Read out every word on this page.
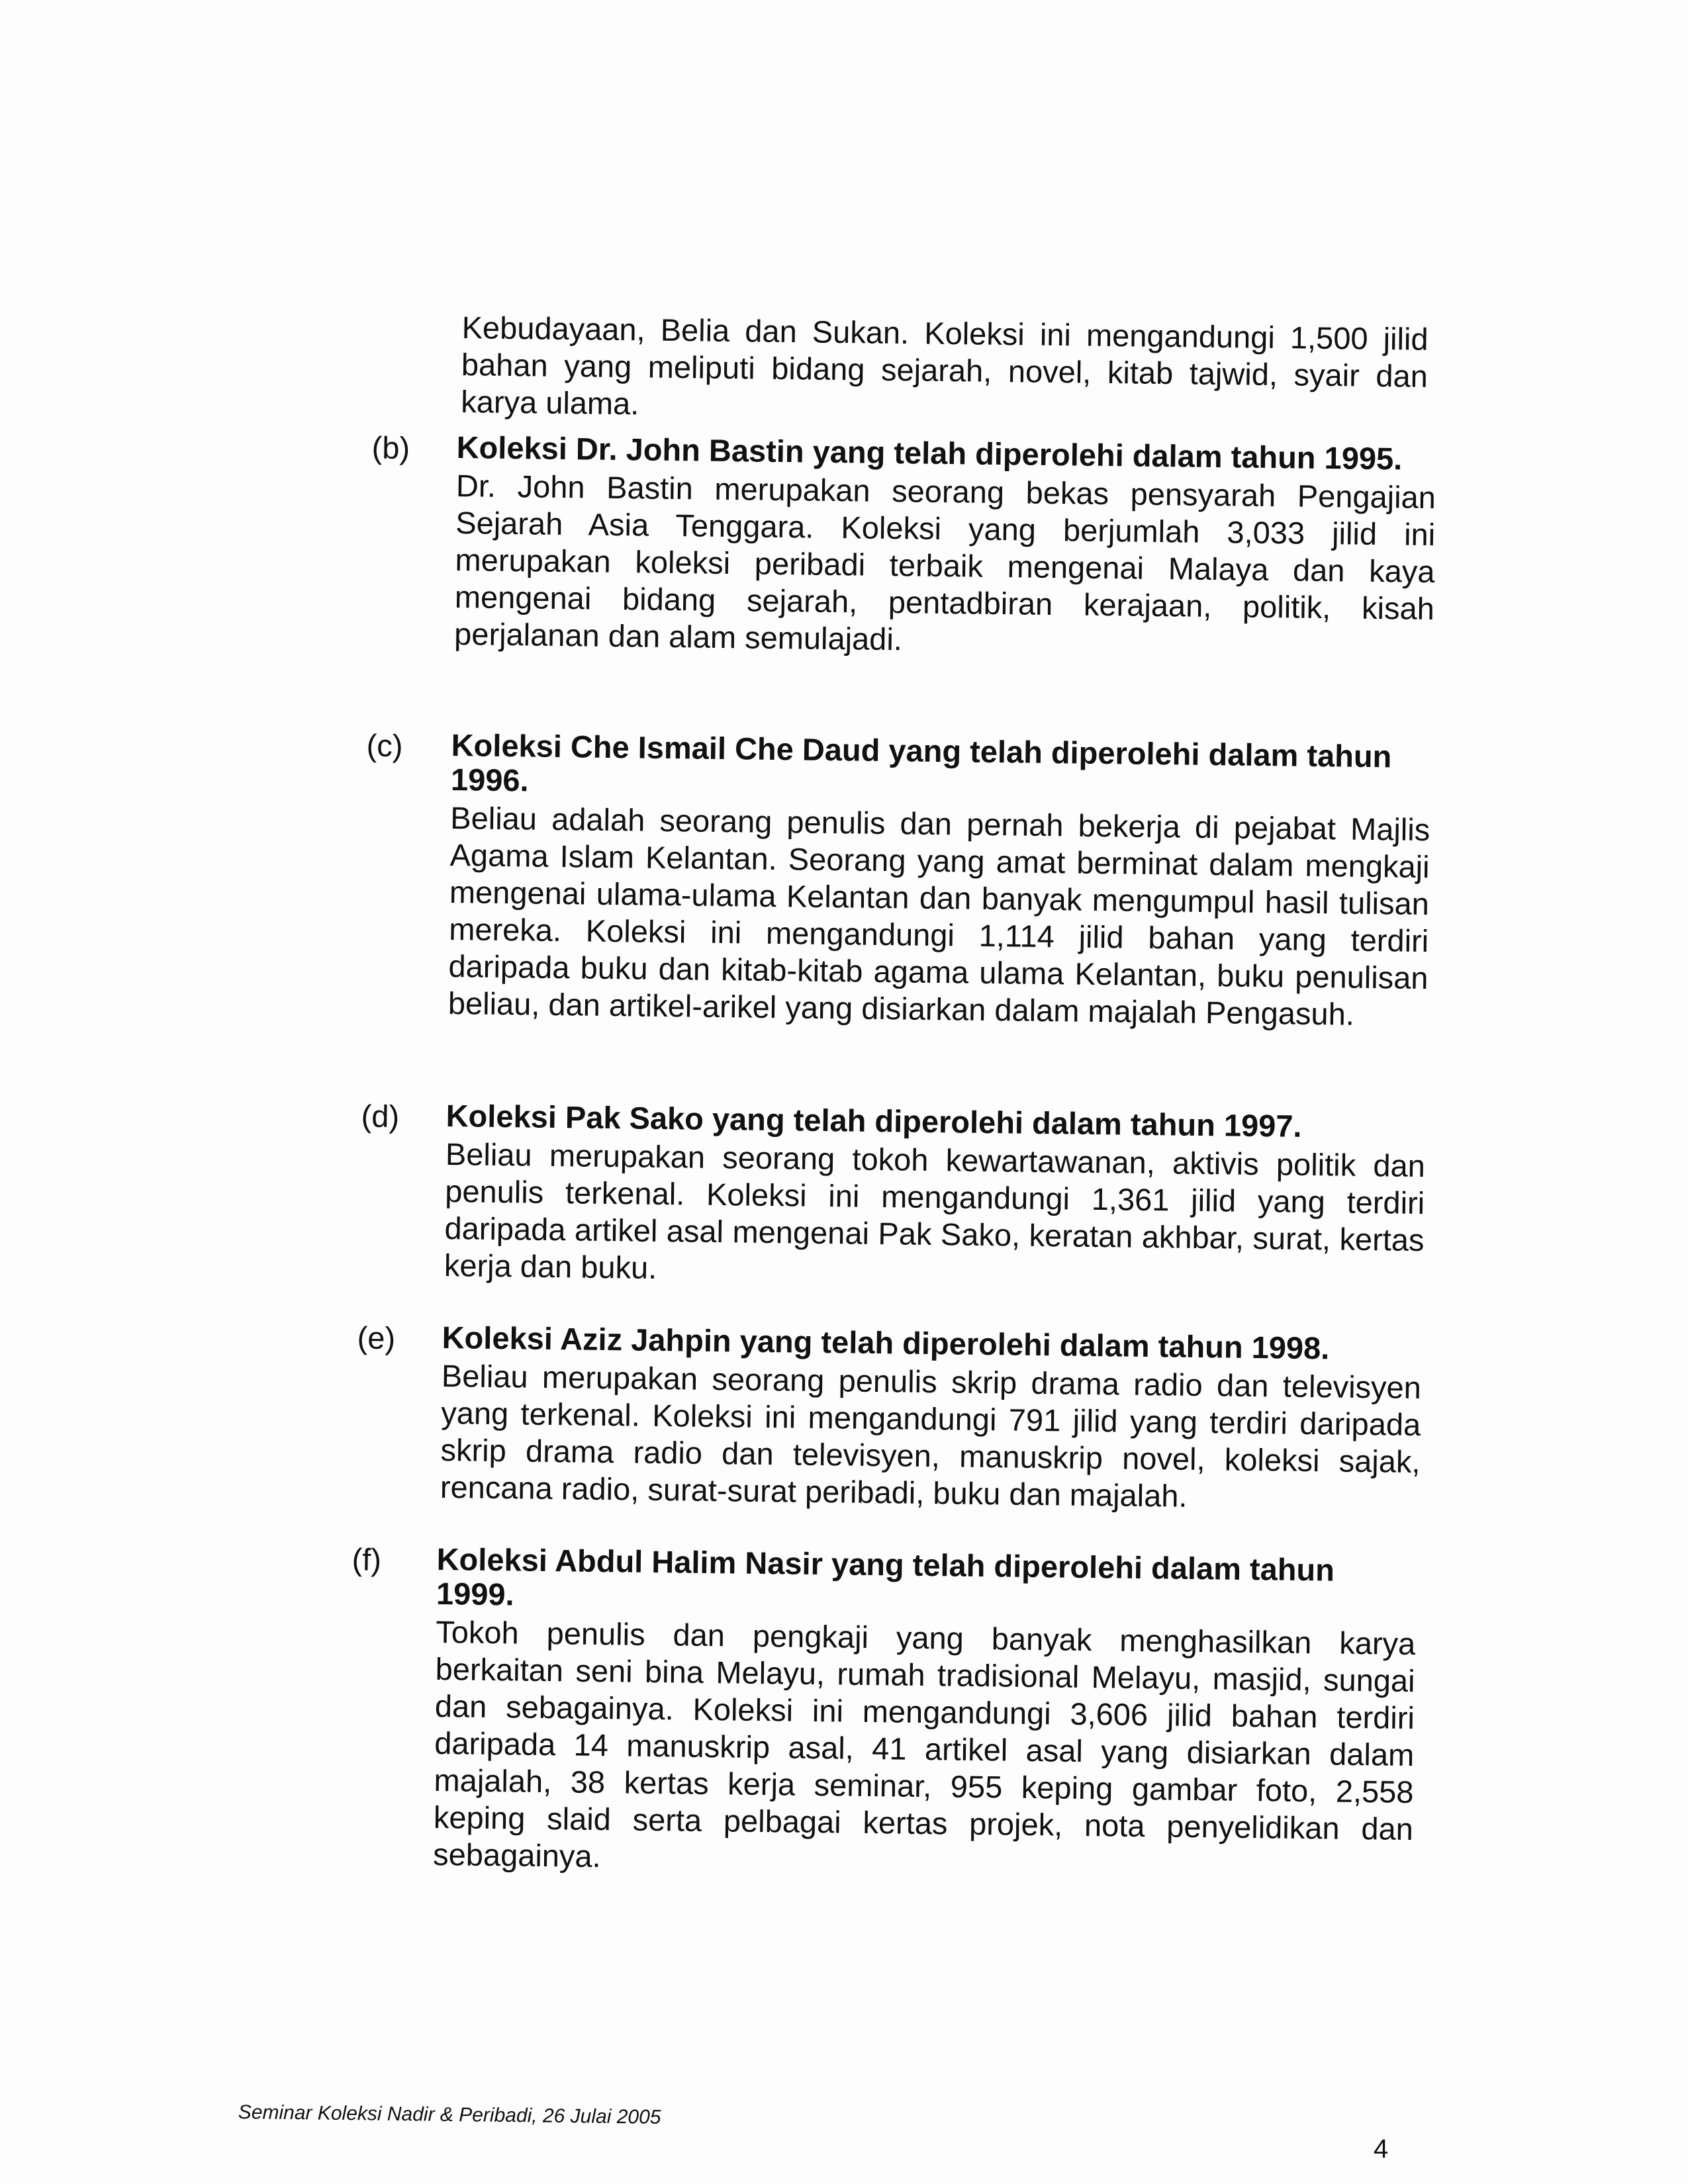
Kebudayaan, Belia dan Sukan. Koleksi ini mengandungi 1,500 jilid bahan yang meliputi bidang sejarah, novel, kitab tajwid, syair dan karya ulama.

(b) Koleksi Dr. John Bastin yang telah diperolehi dalam tahun 1995.

Dr. John Bastin merupakan seorang bekas pensyarah Pengajian Sejarah Asia Tenggara. Koleksi yang berjumlah 3,033 jilid ini merupakan koleksi peribadi terbaik mengenai Malaya dan kaya mengenai bidang sejarah, pentadbiran kerajaan, politik, kisah perjalanan dan alam semulajadi.

(c) Koleksi Che Ismail Che Daud yang telah diperolehi dalam tahun 1996.

Beliau adalah seorang penulis dan pernah bekerja di pejabat Majlis Agama Islam Kelantan. Seorang yang amat berminat dalam mengkaji mengenai ulama-ulama Kelantan dan banyak mengumpul hasil tulisan mereka. Koleksi ini mengandungi 1,114 jilid bahan yang terdiri daripada buku dan kitab-kitab agama ulama Kelantan, buku penulisan beliau, dan artikel-arikel yang disiarkan dalam majalah Pengasuh.

(d) Koleksi Pak Sako yang telah diperolehi dalam tahun 1997.

Beliau merupakan seorang tokoh kewartawanan, aktivis politik dan penulis terkenal. Koleksi ini mengandungi 1,361 jilid yang terdiri daripada artikel asal mengenai Pak Sako, keratan akhbar, surat, kertas kerja dan buku.

(e) Koleksi Aziz Jahpin yang telah diperolehi dalam tahun 1998.

Beliau merupakan seorang penulis skrip drama radio dan televisyen yang terkenal. Koleksi ini mengandungi 791 jilid yang terdiri daripada skrip drama radio dan televisyen, manuskrip novel, koleksi sajak, rencana radio, surat-surat peribadi, buku dan majalah.

(f) Koleksi Abdul Halim Nasir yang telah diperolehi dalam tahun 1999.

Tokoh penulis dan pengkaji yang banyak menghasilkan karya berkaitan seni bina Melayu, rumah tradisional Melayu, masjid, sungai dan sebagainya. Koleksi ini mengandungi 3,606 jilid bahan terdiri daripada 14 manuskrip asal, 41 artikel asal yang disiarkan dalam majalah, 38 kertas kerja seminar, 955 keping gambar foto, 2,558 keping slaid serta pelbagai kertas projek, nota penyelidikan dan sebagainya.

Seminar Koleksi Nadir & Peribadi, 26 Julai 2005
4
